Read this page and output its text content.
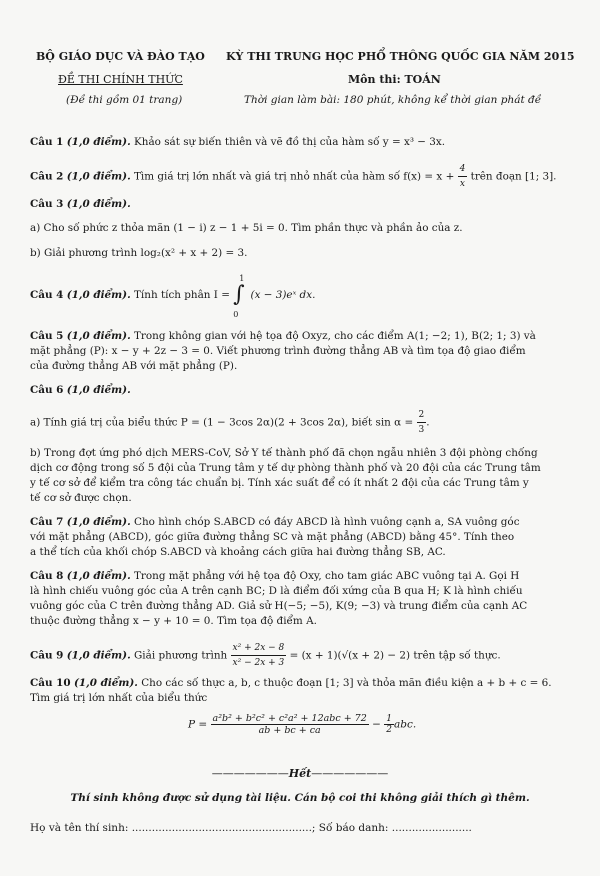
BỘ GIÁO DỤC VÀ ĐÀO TẠO KỲ THI TRUNG HỌC PHỔ THÔNG QUỐC GIA NĂM 2015
ĐỀ THI CHÍNH THỨC	Môn thi: TOÁN
(Đề thi gồm 01 trang)	Thời gian làm bài: 180 phút, không kể thời gian phát đề
Câu 1 (1,0 điểm). Khảo sát sự biến thiên và vẽ đồ thị của hàm số y = x³ − 3x.
Câu 2 (1,0 điểm). Tìm giá trị lớn nhất và giá trị nhỏ nhất của hàm số $f(x) = x + \frac{4}{x}$ trên đoạn [1; 3].
Câu 3 (1,0 điểm).
a) Cho số phức z thỏa mãn (1 − i) z − 1 + 5i = 0. Tìm phần thực và phần ảo của z.
b) Giải phương trình log₂(x² + x + 2) = 3.
Câu 4 (1,0 điểm). Tính tích phân I =
1
∫
0
(x − 3)eˣ dx.
Câu 5 (1,0 điểm). Trong không gian với hệ tọa độ Oxyz, cho các điểm A(1; −2; 1), B(2; 1; 3) và
mặt phẳng (P): x − y + 2z − 3 = 0. Viết phương trình đường thẳng AB và tìm tọa độ giao điểm
của đường thẳng AB với mặt phẳng (P).
Câu 6 (1,0 điểm).
a) Tính giá trị của biểu thức P = (1 − 3cos 2α)(2 + 3cos 2α), biết $\sin \alpha = \frac{2}{3}$ .
b) Trong đợt ứng phó dịch MERS-CoV, Sở Y tế thành phố đã chọn ngẫu nhiên 3 đội phòng chống
dịch cơ động trong số 5 đội của Trung tâm y tế dự phòng thành phố và 20 đội của các Trung tâm
y tế cơ sở để kiểm tra công tác chuẩn bị. Tính xác suất để có ít nhất 2 đội của các Trung tâm y
tế cơ sở được chọn.
Câu 7 (1,0 điểm). Cho hình chóp S.ABCD có đáy ABCD là hình vuông cạnh a, SA vuông góc
với mặt phẳng (ABCD), góc giữa đường thẳng SC và mặt phẳng (ABCD) bằng 45°. Tính theo
a thể tích của khối chóp S.ABCD và khoảng cách giữa hai đường thẳng SB, AC.
Câu 8 (1,0 điểm). Trong mặt phẳng với hệ tọa độ Oxy, cho tam giác ABC vuông tại A. Gọi H
là hình chiếu vuông góc của A trên cạnh BC; D là điểm đối xứng của B qua H; K là hình chiếu
vuông góc của C trên đường thẳng AD. Giả sử H(−5; −5), K(9; −3) và trung điểm của cạnh AC
thuộc đường thẳng x − y + 10 = 0. Tìm tọa độ điểm A.
Câu 9 (1,0 điểm). Giải phương trình $\frac{\text{x² + 2x − 8}}{\text{x² − 2x + 3}} = (x + 1)(√(x + 2) - 2)$ trên tập số thực.
Câu 10 (1,0 điểm). Cho các số thực a, b, c thuộc đoạn [1; 3] và thỏa mãn điều kiện a + b + c = 6.
Tìm giá trị lớn nhất của biểu thức
$P = \frac{\text{a²b² + b²c² + c²a² + 12abc + 72}}{ab + bc + ca} - \frac{1}{2}$ abc.
———————Hết———————
Thí sinh không được sử dụng tài liệu. Cán bộ coi thi không giải thích gì thêm.
Họ và tên thí sinh: ......................................................; Số báo danh: ........................
